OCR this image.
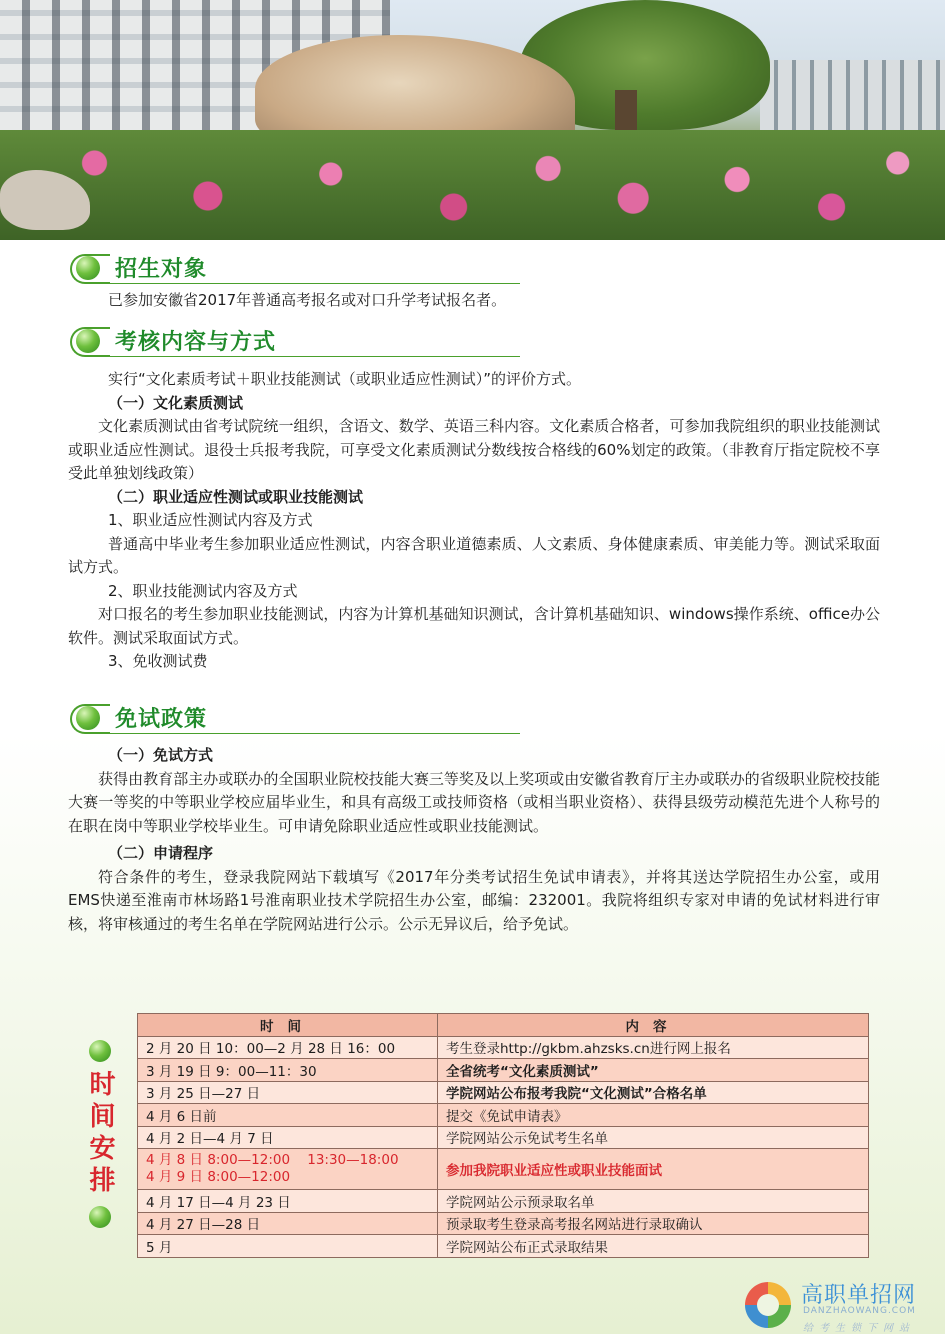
招生对象

已参加安徽省2017年普通高考报名或对口升学考试报名者。

考核内容与方式

实行“文化素质考试＋职业技能测试（或职业适应性测试）”的评价方式。

（一）文化素质测试

文化素质测试由省考试院统一组织，含语文、数学、英语三科内容。文化素质合格者，可参加我院组织的职业技能测试或职业适应性测试。退役士兵报考我院，可享受文化素质测试分数线按合格线的60%划定的政策。（非教育厅指定院校不享受此单独划线政策）

（二）职业适应性测试或职业技能测试

1、职业适应性测试内容及方式

普通高中毕业考生参加职业适应性测试，内容含职业道德素质、人文素质、身体健康素质、审美能力等。测试采取面试方式。

2、职业技能测试内容及方式

对口报名的考生参加职业技能测试，内容为计算机基础知识测试，含计算机基础知识、windows操作系统、office办公软件。测试采取面试方式。

3、免收测试费

免试政策

（一）免试方式

获得由教育部主办或联办的全国职业院校技能大赛三等奖及以上奖项或由安徽省教育厅主办或联办的省级职业院校技能大赛一等奖的中等职业学校应届毕业生，和具有高级工或技师资格（或相当职业资格）、获得县级劳动模范先进个人称号的在职在岗中等职业学校毕业生。可申请免除职业适应性或职业技能测试。

（二）申请程序

符合条件的考生，登录我院网站下载填写《2017年分类考试招生免试申请表》，并将其送达学院招生办公室，或用EMS快递至淮南市林场路1号淮南职业技术学院招生办公室，邮编：232001。我院将组织专家对申请的免试材料进行审核，将审核通过的考生名单在学院网站进行公示。公示无异议后，给予免试。

时间安排
时间	内容
2 月 20 日 10：00—2 月 28 日 16：00	考生登录http://gkbm.ahzsks.cn进行网上报名
3 月 19 日 9：00—11：30	全省统考“文化素质测试”
3 月 25 日—27 日	学院网站公布报考我院“文化测试”合格名单
4 月 6 日前	提交《免试申请表》
4 月 2 日—4 月 7 日	学院网站公示免试考生名单

4 月 8 日 8:00—12:00    13:30—18:00
4 月 9 日 8:00—12:00	参加我院职业适应性或职业技能面试
4 月 17 日—4 月 23 日	学院网站公示预录取名单
4 月 27 日—28 日	预录取考生登录高考报名网站进行录取确认
5 月	学院网站公布正式录取结果
高职单招网
DANZHAOWANG.COM
给考生锁下网站
